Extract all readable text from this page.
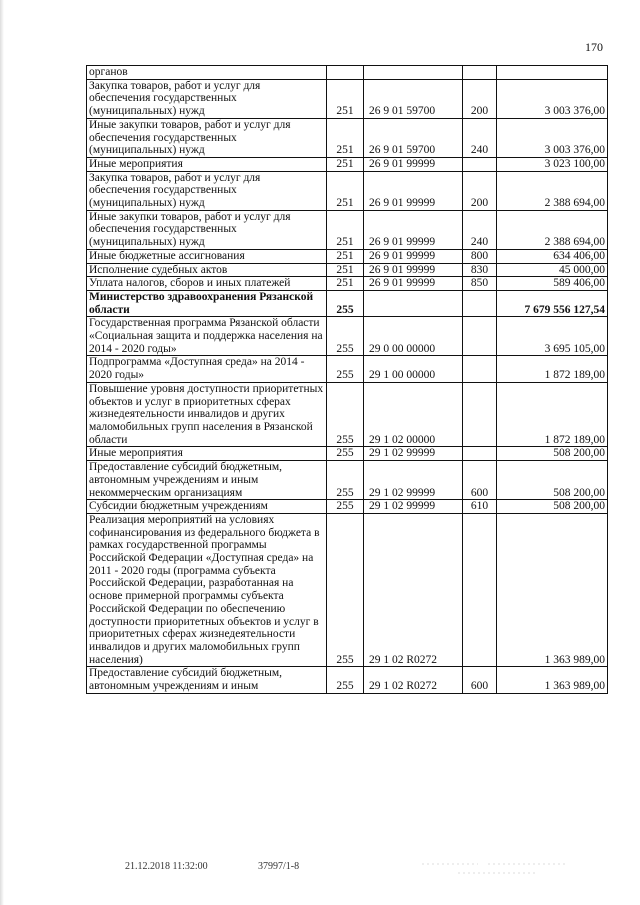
170
органов				
Закупка товаров, работ и услуг для обеспечения государственных (муниципальных) нужд	251	26 9 01 59700	200	3 003 376,00
Иные закупки товаров, работ и услуг для обеспечения государственных (муниципальных) нужд	251	26 9 01 59700	240	3 003 376,00
Иные мероприятия	251	26 9 01 99999		3 023 100,00
Закупка товаров, работ и услуг для обеспечения государственных (муниципальных) нужд	251	26 9 01 99999	200	2 388 694,00
Иные закупки товаров, работ и услуг для обеспечения государственных (муниципальных) нужд	251	26 9 01 99999	240	2 388 694,00
Иные бюджетные ассигнования	251	26 9 01 99999	800	634 406,00
Исполнение судебных актов	251	26 9 01 99999	830	45 000,00
Уплата налогов, сборов и иных платежей	251	26 9 01 99999	850	589 406,00
Министерство здравоохранения Рязанской области	255			7 679 556 127,54
Государственная программа Рязанской области «Социальная защита и поддержка населения на 2014 - 2020 годы»	255	29 0 00 00000		3 695 105,00
Подпрограмма «Доступная среда» на 2014 - 2020 годы»	255	29 1 00 00000		1 872 189,00
Повышение уровня доступности приоритетных объектов и услуг в приоритетных сферах жизнедеятельности инвалидов и других маломобильных групп населения в Рязанской области	255	29 1 02 00000		1 872 189,00
Иные мероприятия	255	29 1 02 99999		508 200,00
Предоставление субсидий бюджетным, автономным учреждениям и иным некоммерческим организациям	255	29 1 02 99999	600	508 200,00
Субсидии бюджетным учреждениям	255	29 1 02 99999	610	508 200,00
Реализация мероприятий на условиях софинансирования из федерального бюджета в рамках государственной программы Российской Федерации «Доступная среда» на 2011 - 2020 годы (программа субъекта Российской Федерации, разработанная на основе примерной программы субъекта Российской Федерации по обеспечению доступности приоритетных объектов и услуг в приоритетных сферах жизнедеятельности инвалидов и других маломобильных групп населения)	255	29 1 02 R0272		1 363 989,00
Предоставление субсидий бюджетным, автономным учреждениям и иным	255	29 1 02 R0272	600	1 363 989,00
21.12.2018 11:32:00	37997/1-8
